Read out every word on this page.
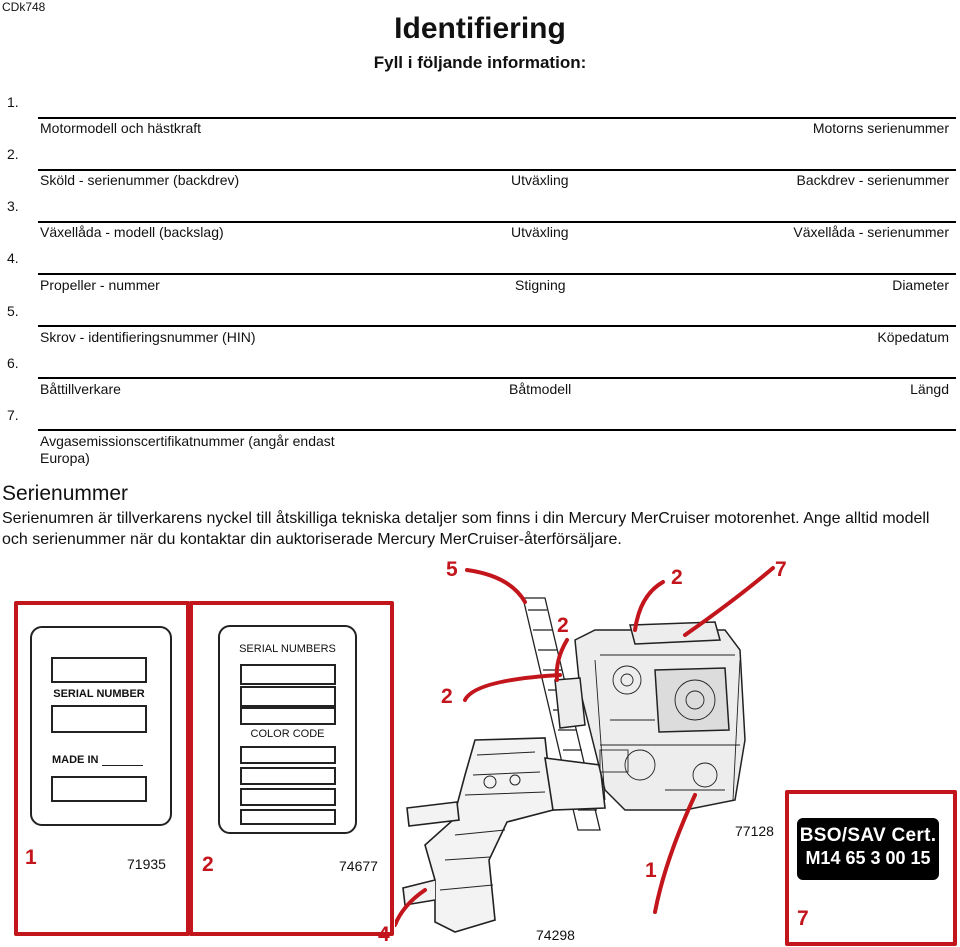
CDk748
Identifiering
Fyll i följande information:
1.
Motormodell och hästkraft	Motorns serienummer
2.
Sköld - serienummer (backdrev)	Utväxling	Backdrev - serienummer
3.
Växellåda - modell (backslag)	Utväxling	Växellåda - serienummer
4.
Propeller - nummer	Stigning	Diameter
5.
Skrov - identifieringsnummer (HIN)	Köpedatum
6.
Båttillverkare	Båtmodell	Längd
7.
Avgasemissionscertifikatnummer (angår endast Europa)
Serienummer
Serienumren är tillverkarens nyckel till åtskilliga tekniska detaljer som finns i din Mercury MerCruiser motorenhet. Ange alltid modell och serienummer när du kontaktar din auktoriserade Mercury MerCruiser-återförsäljare.
SERIAL NUMBER
MADE IN
1	71935
SERIAL NUMBERS
COLOR CODE
2	74677
5	2	7
2
2
1
4
77128
74298
BSO/SAV Cert.
M14 65 3 00 15
7
